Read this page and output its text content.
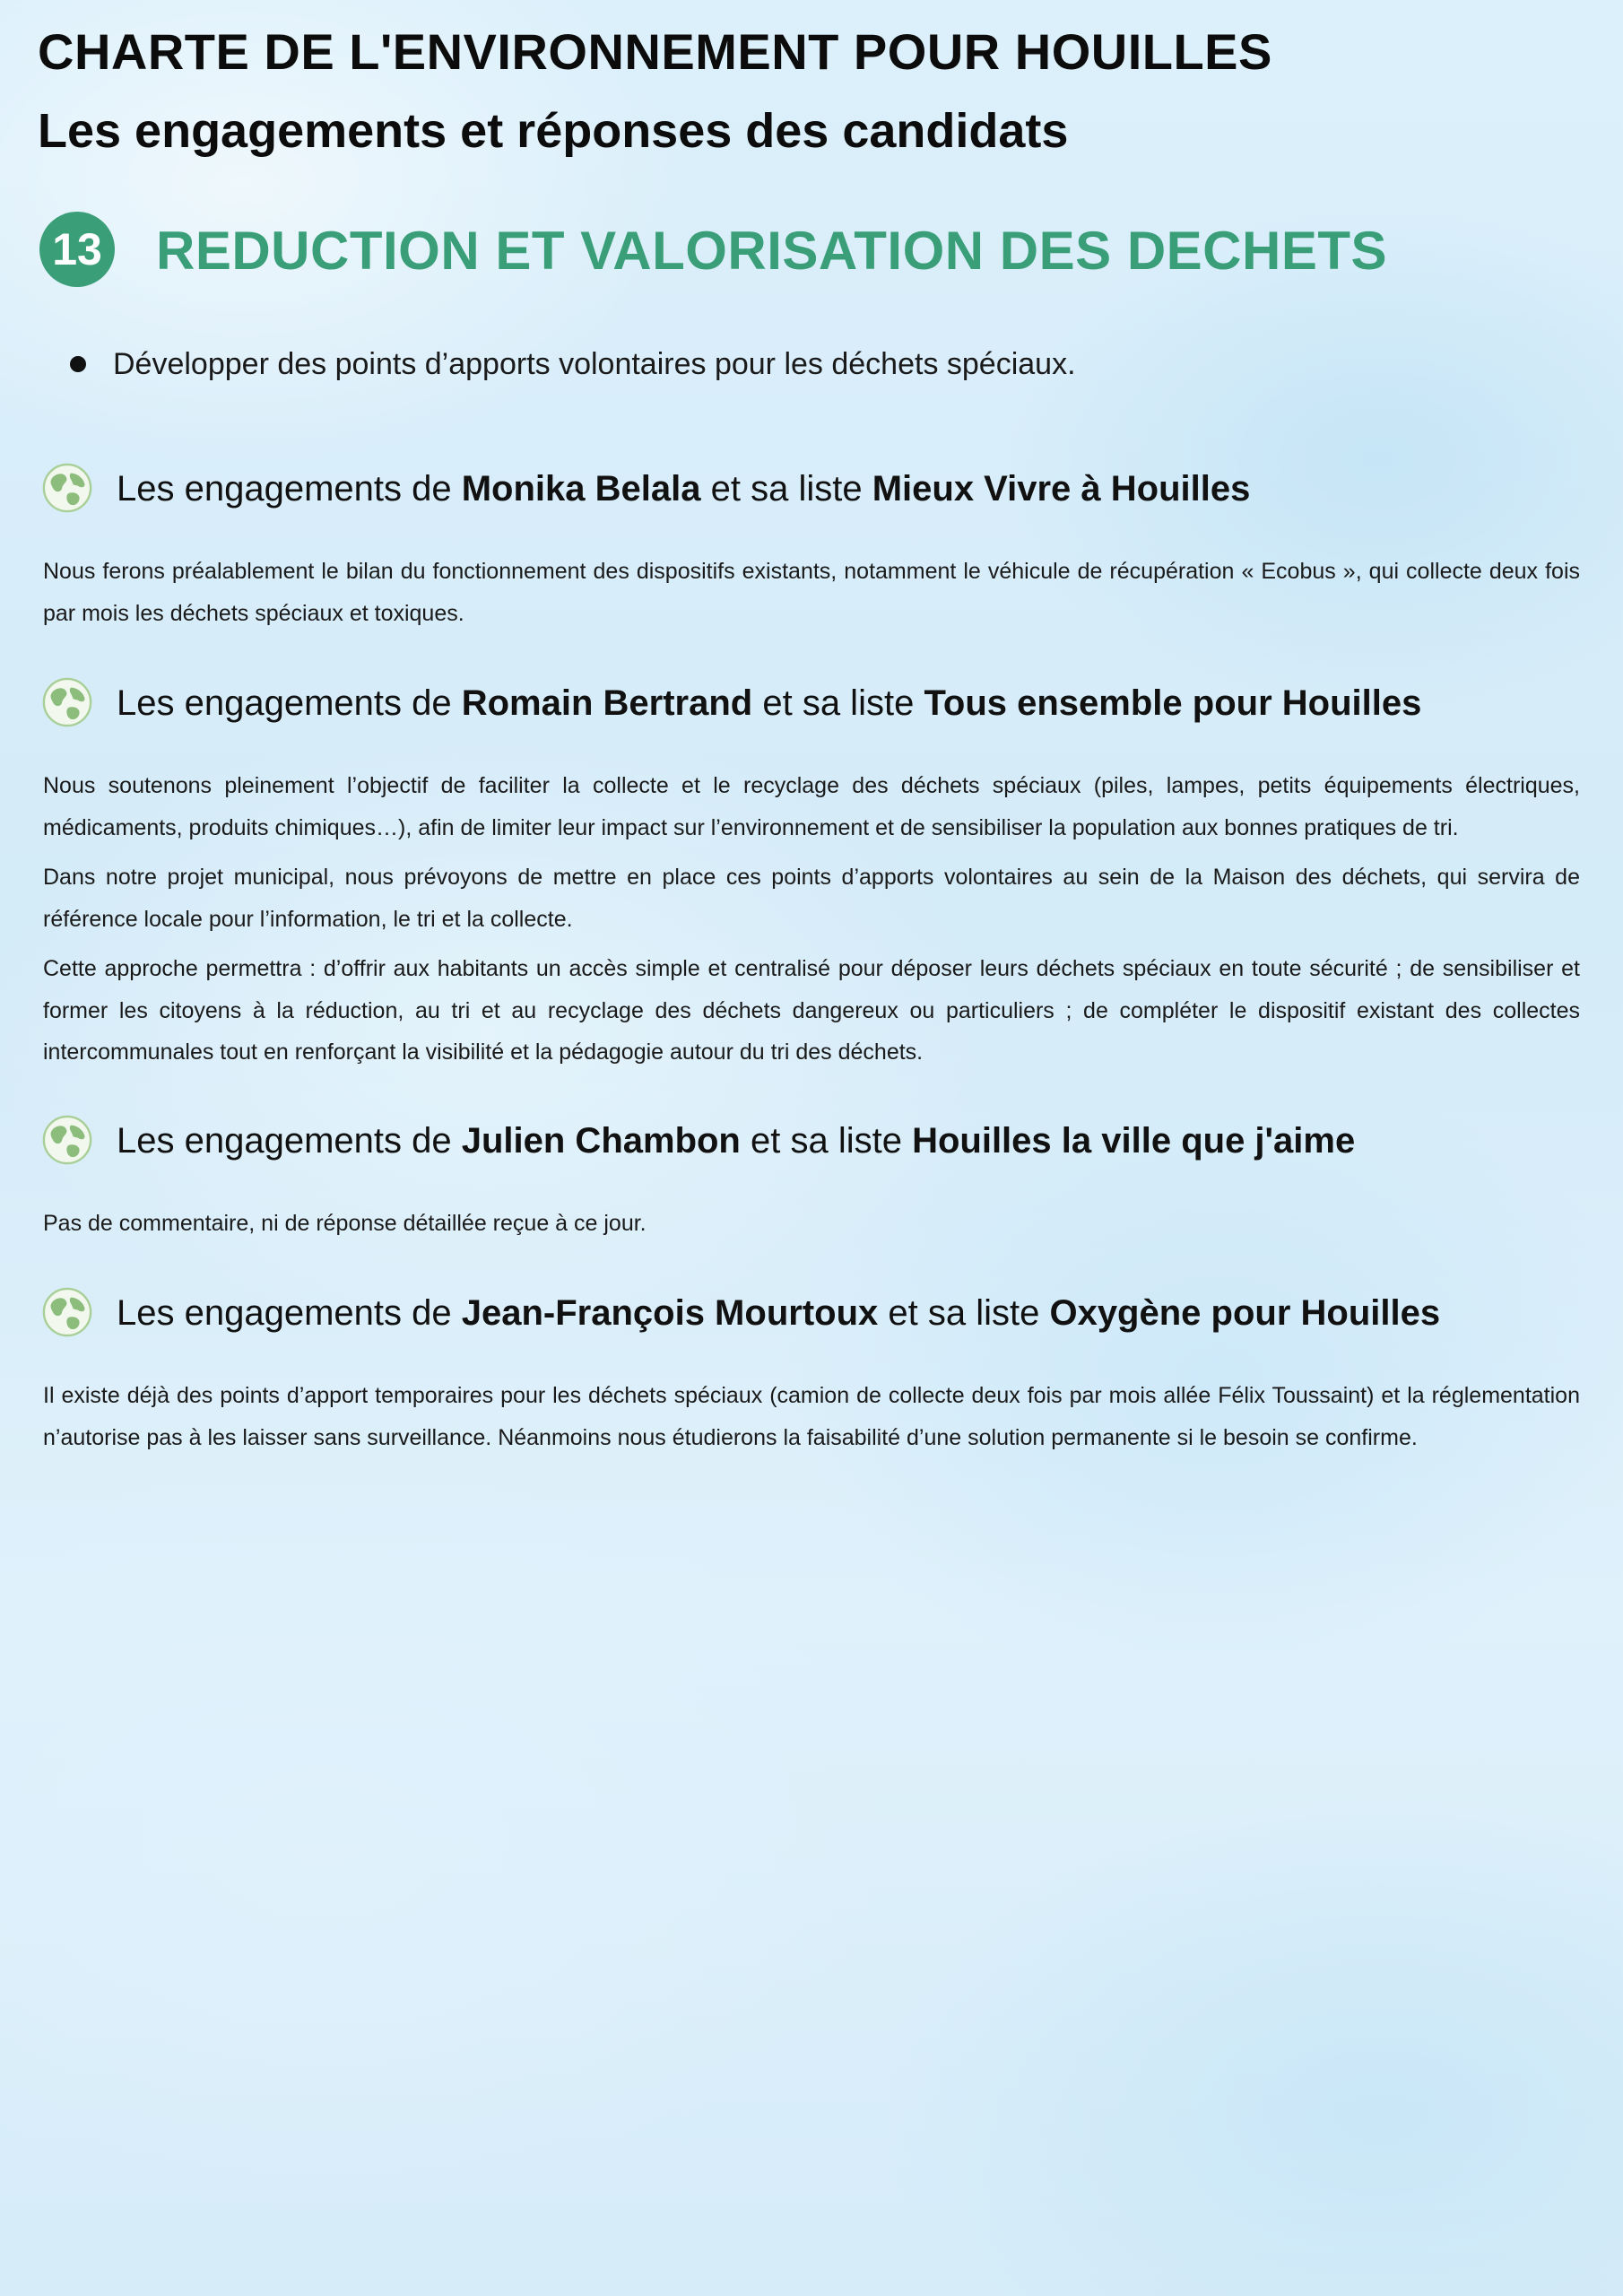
CHARTE DE L'ENVIRONNEMENT POUR HOUILLES
Les engagements et réponses des candidats
13 REDUCTION ET VALORISATION DES DECHETS
Développer des points d’apports volontaires pour les déchets spéciaux.
Les engagements de Monika Belala et sa liste Mieux Vivre à Houilles

Nous ferons préalablement le bilan du fonctionnement des dispositifs existants, notamment le véhicule de récupération « Ecobus », qui collecte deux fois par mois les déchets spéciaux et toxiques.

Les engagements de Romain Bertrand et sa liste Tous ensemble pour Houilles

Nous soutenons pleinement l’objectif de faciliter la collecte et le recyclage des déchets spéciaux (piles, lampes, petits équipements électriques, médicaments, produits chimiques…), afin de limiter leur impact sur l’environnement et de sensibiliser la population aux bonnes pratiques de tri.

Dans notre projet municipal, nous prévoyons de mettre en place ces points d’apports volontaires au sein de la Maison des déchets, qui servira de référence locale pour l’information, le tri et la collecte.

Cette approche permettra : d’offrir aux habitants un accès simple et centralisé pour déposer leurs déchets spéciaux en toute sécurité ; de sensibiliser et former les citoyens à la réduction, au tri et au recyclage des déchets dangereux ou particuliers ; de compléter le dispositif existant des collectes intercommunales tout en renforçant la visibilité et la pédagogie autour du tri des déchets.

Les engagements de Julien Chambon et sa liste Houilles la ville que j'aime

Pas de commentaire, ni de réponse détaillée reçue à ce jour.

Les engagements de Jean-François Mourtoux et sa liste Oxygène pour Houilles

Il existe déjà des points d’apport temporaires pour les déchets spéciaux (camion de collecte deux fois par mois allée Félix Toussaint) et la réglementation n’autorise pas à les laisser sans surveillance. Néanmoins nous étudierons la faisabilité d’une solution permanente si le besoin se confirme.
